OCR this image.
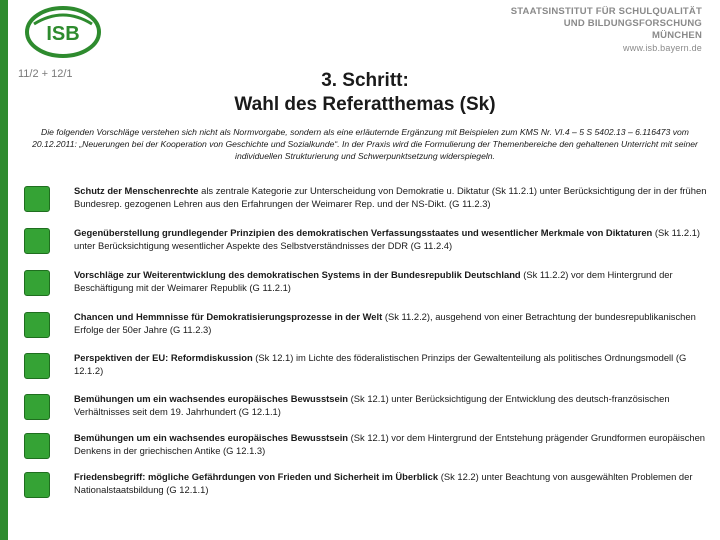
ISB
STAATSINSTITUT FÜR SCHULQUALITÄT
UND BILDUNGSFORSCHUNG
MÜNCHEN
www.isb.bayern.de
11/2 + 12/1	3. Schritt:
Wahl des Referatthemas (Sk)
Die folgenden Vorschläge verstehen sich nicht als Normvorgabe, sondern als eine erläuternde Ergänzung mit Beispielen zum KMS Nr. VI.4 – 5 S 5402.13 – 6.116473 vom 20.12.2011: „Neuerungen bei der Kooperation von Geschichte und Sozialkunde“. In der Praxis wird die Formulierung der Themenbereiche den gehaltenen Unterricht mit seiner individuellen Strukturierung und Schwerpunktsetzung widerspiegeln.
Schutz der Menschenrechte als zentrale Kategorie zur Unterscheidung von Demokratie u. Diktatur (Sk 11.2.1) unter Berücksichtigung der in der frühen Bundesrep. gezogenen Lehren aus den Erfahrungen der Weimarer Rep. und der NS-Dikt. (G 11.2.3)
Gegenüberstellung grundlegender Prinzipien des demokratischen Verfassungsstaates und wesentlicher Merkmale von Diktaturen (Sk 11.2.1) unter Berücksichtigung wesentlicher Aspekte des Selbstverständnisses der DDR (G 11.2.4)
Vorschläge zur Weiterentwicklung des demokratischen Systems in der Bundesrepublik Deutschland (Sk 11.2.2) vor dem Hintergrund der Beschäftigung mit der Weimarer Republik (G 11.2.1)
Chancen und Hemmnisse für Demokratisierungsprozesse in der Welt (Sk 11.2.2), ausgehend von einer Betrachtung der bundesrepublikanischen Erfolge der 50er Jahre (G 11.2.3)
Perspektiven der EU: Reformdiskussion (Sk 12.1) im Lichte des föderalistischen Prinzips der Gewaltenteilung als politisches Ordnungsmodell (G 12.1.2)
Bemühungen um ein wachsendes europäisches Bewusstsein (Sk 12.1) unter Berücksichtigung der Entwicklung des deutsch-französischen Verhältnisses seit dem 19. Jahrhundert (G 12.1.1)
Bemühungen um ein wachsendes europäisches Bewusstsein (Sk 12.1) vor dem Hintergrund der Entstehung prägender Grundformen europäischen Denkens in der griechischen Antike (G 12.1.3)
Friedensbegriff: mögliche Gefährdungen von Frieden und Sicherheit im Überblick (Sk 12.2) unter Beachtung von ausgewählten Problemen der Nationalstaatsbildung (G 12.1.1)
